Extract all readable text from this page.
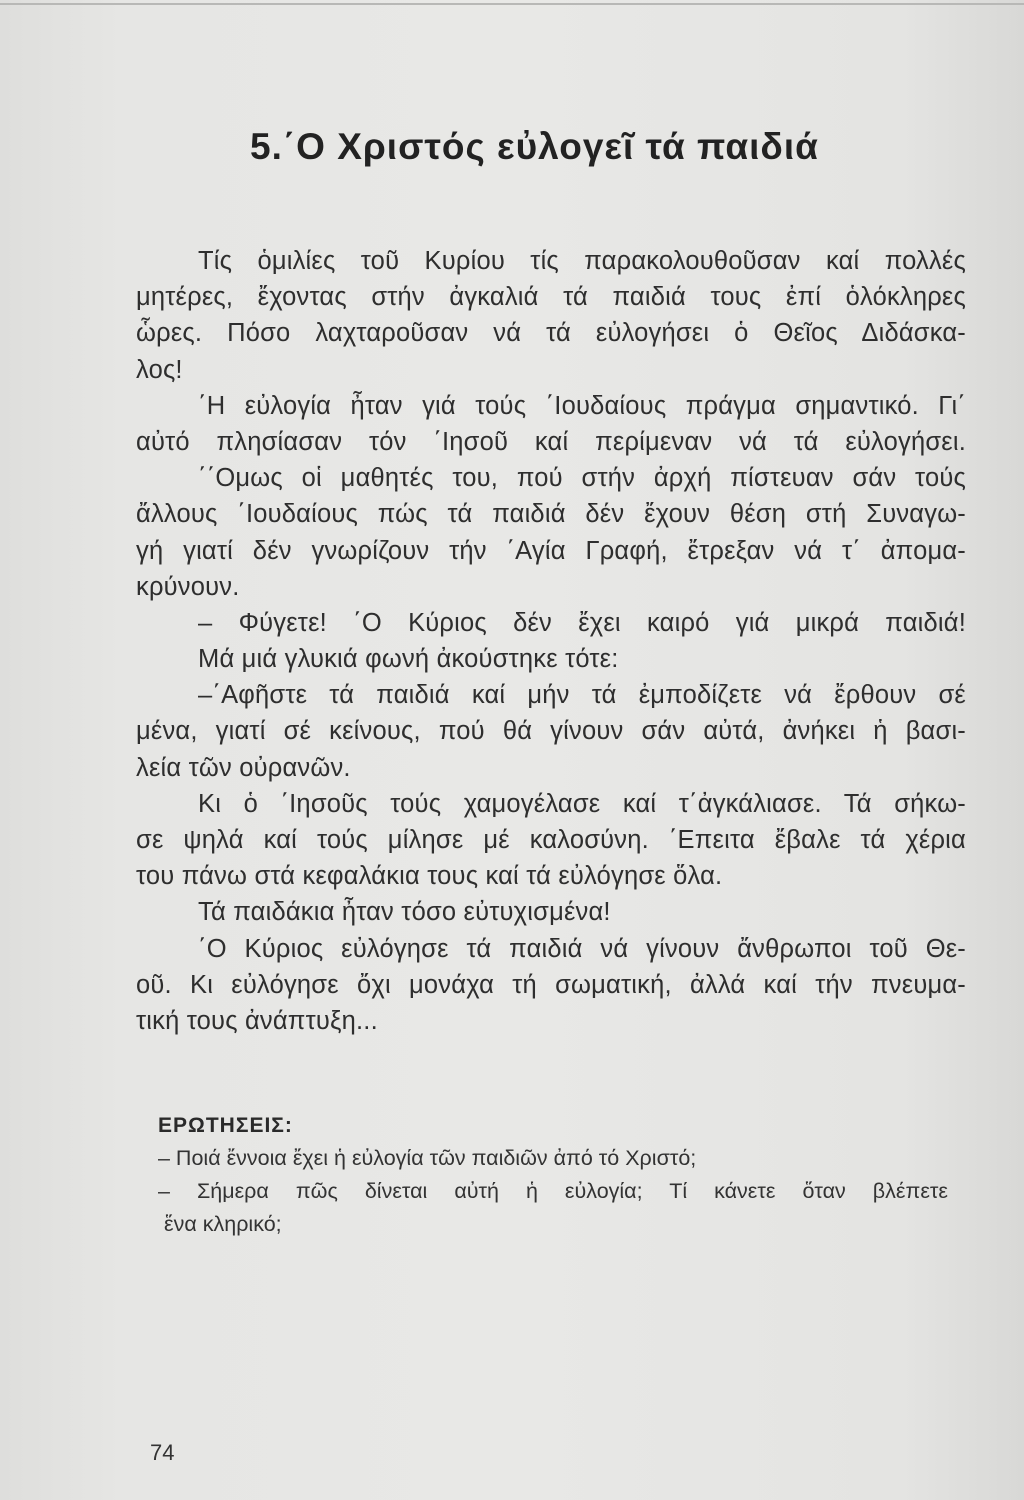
5.΄Ο Χριστός εὐλογεῖ τά παιδιά
Τίς ὁμιλίες τοῦ Κυρίου τίς παρακολουθοῦσαν καί πολλές
μητέρες, ἔχοντας στήν ἀγκαλιά τά παιδιά τους ἐπί ὁλόκληρες
ὧρες. Πόσο λαχταροῦσαν νά τά εὐλογήσει ὁ Θεῖος Διδάσκα-
λος!
΄Η εὐλογία ἦταν γιά τούς ΄Ιουδαίους πράγμα σημαντικό. Γι΄
αὐτό πλησίασαν τόν ΄Ιησοῦ καί περίμεναν νά τά εὐλογήσει.
΄΄Ομως οἱ μαθητές του, πού στήν ἀρχή πίστευαν σάν τούς
ἄλλους ΄Ιουδαίους πώς τά παιδιά δέν ἔχουν θέση στή Συναγω-
γή γιατί δέν γνωρίζουν τήν ΄Αγία Γραφή, ἔτρεξαν νά τ΄ ἀπομα-
κρύνουν.
– Φύγετε! ΄Ο Κύριος δέν ἔχει καιρό γιά μικρά παιδιά!
Μά μιά γλυκιά φωνή ἀκούστηκε τότε:
–΄Αφῆστε τά παιδιά καί μήν τά ἐμποδίζετε νά ἔρθουν σέ
μένα, γιατί σέ κείνους, πού θά γίνουν σάν αὐτά, ἀνήκει ἡ βασι-
λεία τῶν οὐρανῶν.
Κι ὁ ΄Ιησοῦς τούς χαμογέλασε καί τ΄ἀγκάλιασε. Τά σήκω-
σε ψηλά καί τούς μίλησε μέ καλοσύνη. ΄Επειτα ἔβαλε τά χέρια
του πάνω στά κεφαλάκια τους καί τά εὐλόγησε ὅλα.
Τά παιδάκια ἦταν τόσο εὐτυχισμένα!
΄Ο Κύριος εὐλόγησε τά παιδιά νά γίνουν ἄνθρωποι τοῦ Θε-
οῦ. Κι εὐλόγησε ὄχι μονάχα τή σωματική, ἀλλά καί τήν πνευμα-
τική τους ἀνάπτυξη...
ΕΡΩΤΗΣΕΙΣ:
– Ποιά ἔννοια ἔχει ἡ εὐλογία τῶν παιδιῶν ἀπό τό Χριστό;
– Σήμερα πῶς δίνεται αὐτή ἡ εὐλογία; Τί κάνετε ὅταν βλέπετε
ἕνα κληρικό;
74
